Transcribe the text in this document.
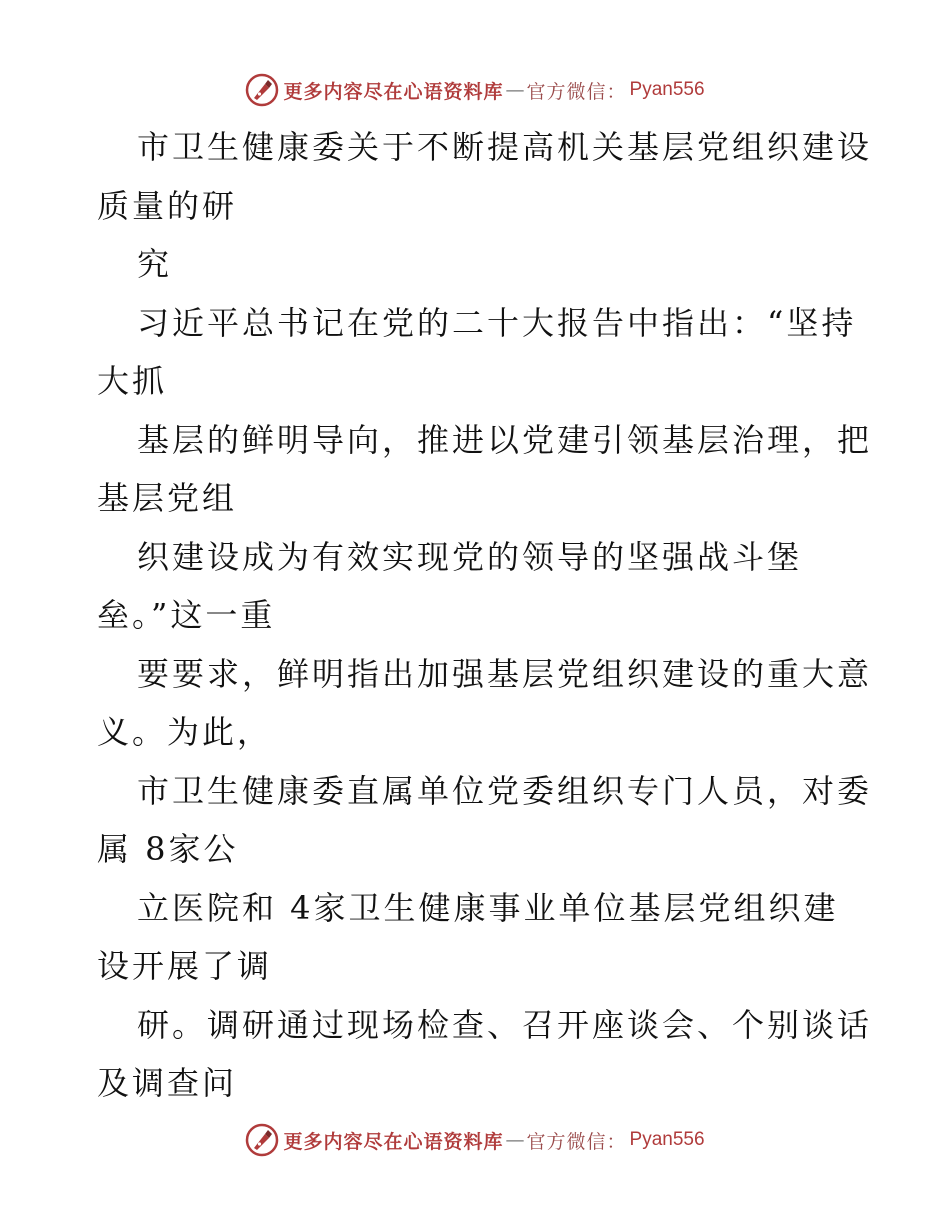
更多内容尽在心语资料库 — 官方微信 ： Pyan556
市卫生健康委关于不断提高机关基层党组织建设
质量的研
究
习近平总书记在党的二十大报告中指出：“坚持
大抓
基层的鲜明导向，推进以党建引领基层治理，把
基层党组
织建设成为有效实现党的领导的坚强战斗堡
垒。”这一重
要要求，鲜明指出加强基层党组织建设的重大意
义。为此，
市卫生健康委直属单位党委组织专门人员，对委
属 8家公
立医院和 4家卫生健康事业单位基层党组织建
设开展了调
研。调研通过现场检查、召开座谈会、个别谈话
及调查问
更多内容尽在心语资料库 — 官方微信 ： Pyan556
